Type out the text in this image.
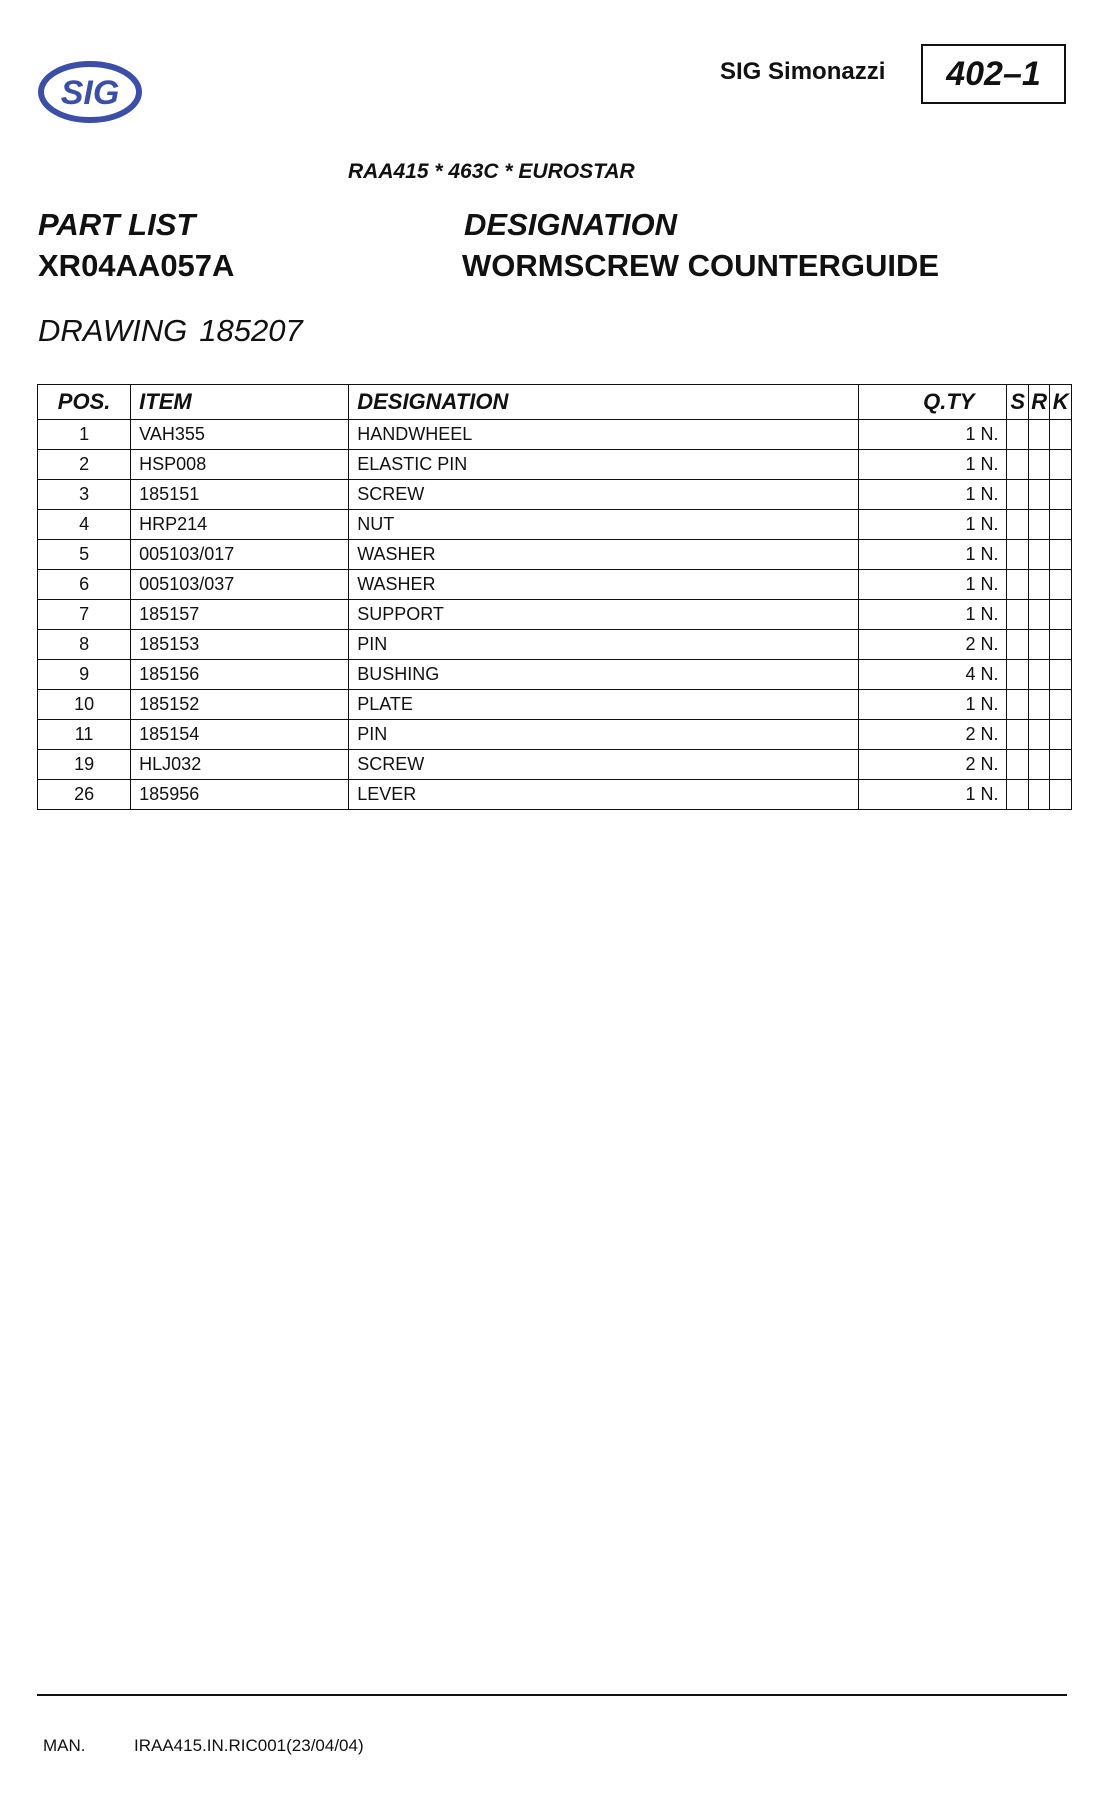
SIG
SIG Simonazzi 402–1
RAA415 * 463C * EUROSTAR
PART LIST
XR04AA057A
DESIGNATION
WORMSCREW COUNTERGUIDE
DRAWING 185207
POS.	ITEM	DESIGNATION	Q.TY	S	R	K
1	VAH355	HANDWHEEL	1 N.			
2	HSP008	ELASTIC PIN	1 N.			
3	185151	SCREW	1 N.			
4	HRP214	NUT	1 N.			
5	005103/017	WASHER	1 N.			
6	005103/037	WASHER	1 N.			
7	185157	SUPPORT	1 N.			
8	185153	PIN	2 N.			
9	185156	BUSHING	4 N.			
10	185152	PLATE	1 N.			
11	185154	PIN	2 N.			
19	HLJ032	SCREW	2 N.			
26	185956	LEVER	1 N.			
MAN.	IRAA415.IN.RIC001(23/04/04)
